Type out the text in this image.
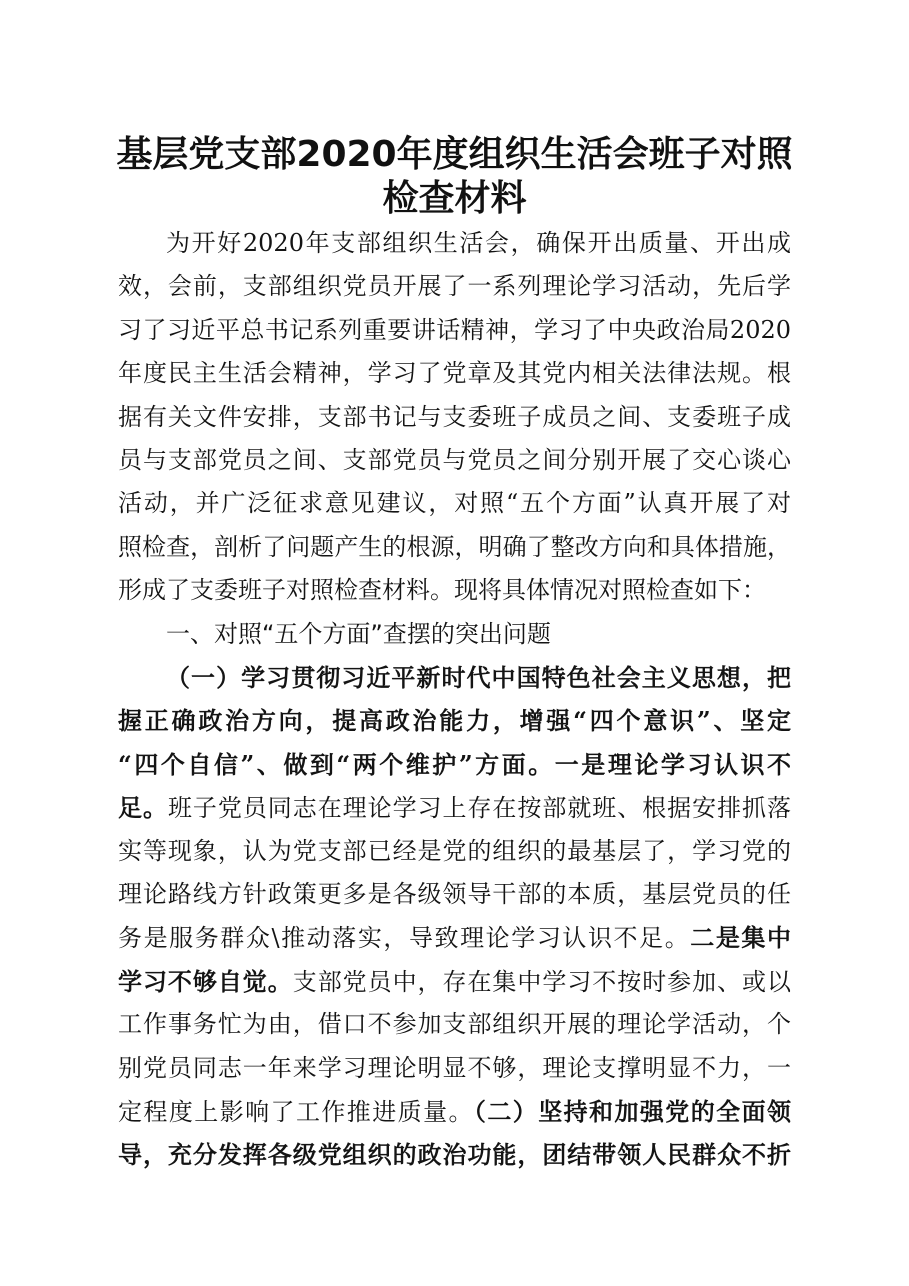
基层党支部2020年度组织生活会班子对照
检查材料
为开好2020年支部组织生活会，确保开出质量、开出成
效，会前，支部组织党员开展了一系列理论学习活动，先后学
习了习近平总书记系列重要讲话精神，学习了中央政治局2020
年度民主生活会精神，学习了党章及其党内相关法律法规。根
据有关文件安排，支部书记与支委班子成员之间、支委班子成
员与支部党员之间、支部党员与党员之间分别开展了交心谈心
活动，并广泛征求意见建议，对照“五个方面”认真开展了对
照检查，剖析了问题产生的根源，明确了整改方向和具体措施，
形成了支委班子对照检查材料。现将具体情况对照检查如下：
一、对照“五个方面”查摆的突出问题
（一）学习贯彻习近平新时代中国特色社会主义思想，把
握正确政治方向，提高政治能力，增强“四个意识”、坚定
“四个自信”、做到“两个维护”方面。一是理论学习认识不
足。班子党员同志在理论学习上存在按部就班、根据安排抓落
实等现象，认为党支部已经是党的组织的最基层了，学习党的
理论路线方针政策更多是各级领导干部的本质，基层党员的任
务是服务群众\推动落实，导致理论学习认识不足。二是集中
学习不够自觉。支部党员中，存在集中学习不按时参加、或以
工作事务忙为由，借口不参加支部组织开展的理论学活动，个
别党员同志一年来学习理论明显不够，理论支撑明显不力，一
定程度上影响了工作推进质量。（二）坚持和加强党的全面领
导，充分发挥各级党组织的政治功能，团结带领人民群众不折
